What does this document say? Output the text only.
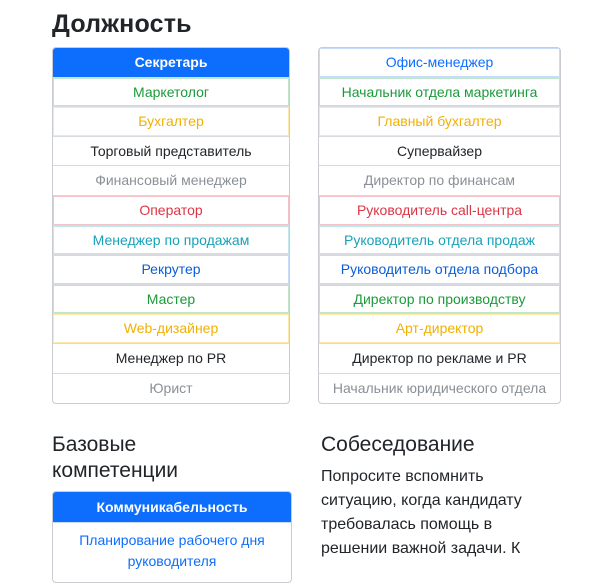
Должность
Секретарь
Маркетолог
Бухгалтер
Торговый представитель
Финансовый менеджер
Оператор
Менеджер по продажам
Рекрутер
Мастер
Web-дизайнер
Менеджер по PR
Юрист
Офис-менеджер
Начальник отдела маркетинга
Главный бухгалтер
Супервайзер
Директор по финансам
Руководитель call-центра
Руководитель отдела продаж
Руководитель отдела подбора
Директор по производству
Арт-директор
Директор по рекламе и PR
Начальник юридического отдела
Базовые
компетенции
Коммуникабельность
Планирование рабочего дня руководителя
Собеседование

Попросите вспомнить ситуацию, когда кандидату требовалась помощь в решении важной задачи. К
